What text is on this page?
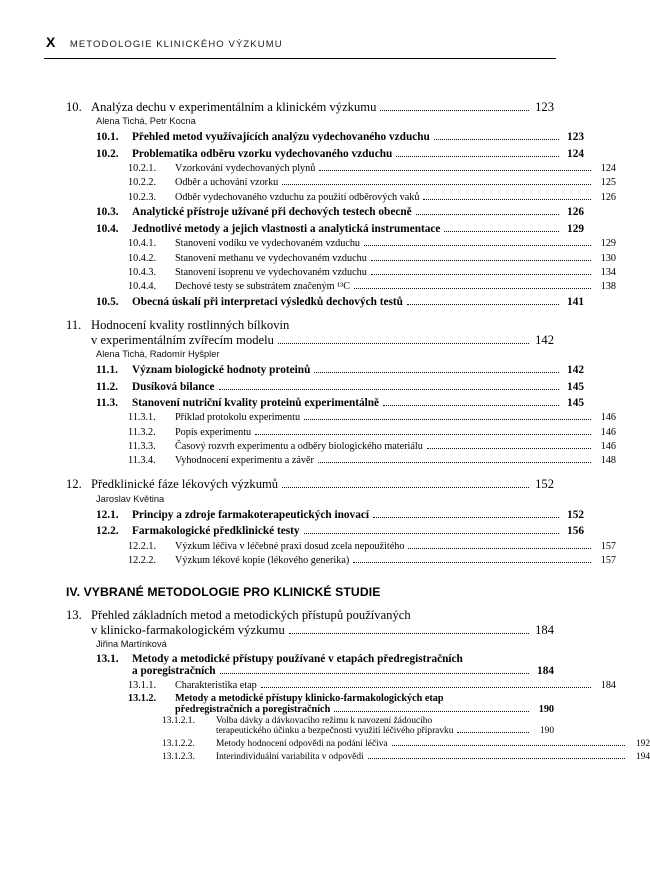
X METODOLOGIE KLINICKÉHO VÝZKUMU
10. Analýza dechu v experimentálním a klinickém výzkumu	123
Alena Tichá, Petr Kocna
10.1.	Přehled metod využívajících analýzu vydechovaného vzduchu	123
10.2.	Problematika odběru vzorku vydechovaného vzduchu	124
10.2.1.	Vzorkování vydechovaných plynů	124
10.2.2.	Odběr a uchování vzorku	125
10.2.3.	Odběr vydechovaného vzduchu za použití odběrových vaků	126
10.3.	Analytické přístroje užívané při dechových testech obecně	126
10.4.	Jednotlivé metody a jejich vlastnosti a analytická instrumentace	129
10.4.1.	Stanovení vodíku ve vydechovaném vzduchu	129
10.4.2.	Stanovení methanu ve vydechovaném vzduchu	130
10.4.3.	Stanovení isoprenu ve vydechovaném vzduchu	134
10.4.4.	Dechové testy se substrátem značeným ¹³C	138
10.5.	Obecná úskalí při interpretaci výsledků dechových testů	141
11. Hodnocení kvality rostlinných bílkovin
v experimentálním zvířecím modelu	142
Alena Tichá, Radomír Hyšpler
11.1.	Význam biologické hodnoty proteinů	142
11.2.	Dusíková bilance	145
11.3.	Stanovení nutriční kvality proteinů experimentálně	145
11.3.1.	Příklad protokolu experimentu	146
11.3.2.	Popis experimentu	146
11.3.3.	Časový rozvrh experimentu a odběry biologického materiálu	146
11.3.4.	Vyhodnocení experimentu a závěr	148
12. Předklinické fáze lékových výzkumů	152
Jaroslav Květina
12.1.	Principy a zdroje farmakoterapeutických inovací	152
12.2.	Farmakologické předklinické testy	156
12.2.1.	Výzkum léčiva v léčebné praxi dosud zcela nepoužitého	157
12.2.2.	Výzkum lékové kopie (lékového generika)	157
IV. VYBRANÉ METODOLOGIE PRO KLINICKÉ STUDIE
13. Přehled základních metod a metodických přístupů používaných
v klinicko-farmakologickém výzkumu	184
Jiřina Martínková
13.1.	Metody a metodické přístupy používané v etapách předregistračních
a poregistračních	184
13.1.1.	Charakteristika etap	184
13.1.2.	Metody a metodické přístupy klinicko-farmakologických etap
předregistračních a poregistračních	190
13.1.2.1.	Volba dávky a dávkovacího režimu k navození žádoucího
terapeutického účinku a bezpečnosti využití léčivého přípravku	190
13.1.2.2.	Metody hodnocení odpovědi na podání léčiva	192
13.1.2.3.	Interindividuální variabilita v odpovědi	194
